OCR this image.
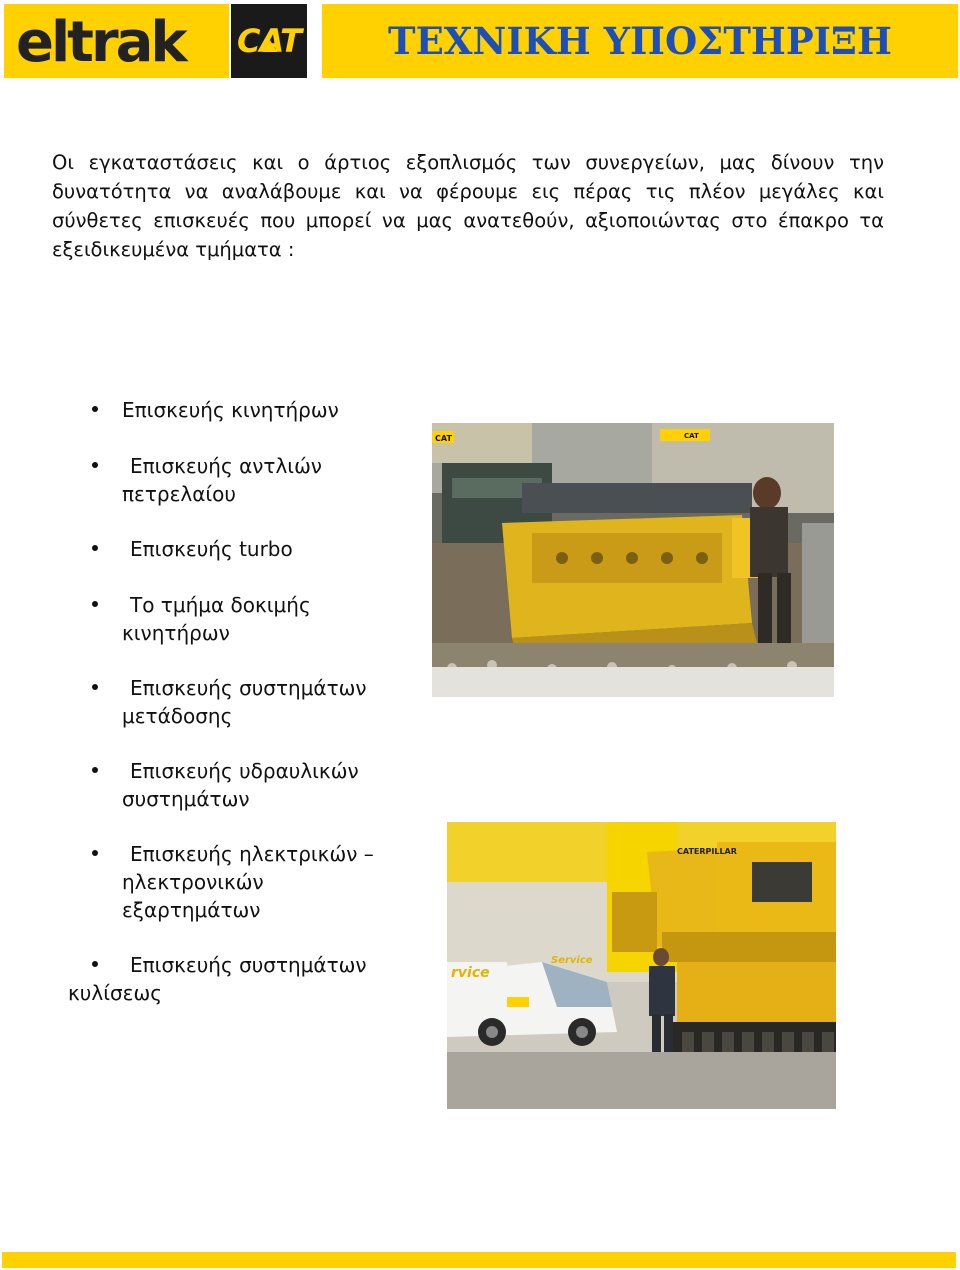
eltrak CAT	ΤΕΧΝΙΚΗ ΥΠΟΣΤΗΡΙΞΗ

Οι εγκαταστάσεις και ο άρτιος εξοπλισμός των συνεργείων, μας δίνουν την δυνατότητα να αναλάβουμε και να φέρουμε εις πέρας τις πλέον μεγάλες και σύνθετες επισκευές που μπορεί να μας ανατεθούν, αξιοποιώντας στο έπακρο τα εξειδικευμένα τμήματα :

Επισκευής κινητήρων
Επισκευής αντλιών
πετρελαίου
Επισκευής turbo
Το τμήμα δοκιμής
κινητήρων
Επισκευής συστημάτων
μετάδοσης
Επισκευής υδραυλικών
συστημάτων
Επισκευής ηλεκτρικών –
ηλεκτρονικών
εξαρτημάτων
Επισκευής συστημάτων
κυλίσεως
CAT	CAT
CATERPILLAR
rvice
Service
